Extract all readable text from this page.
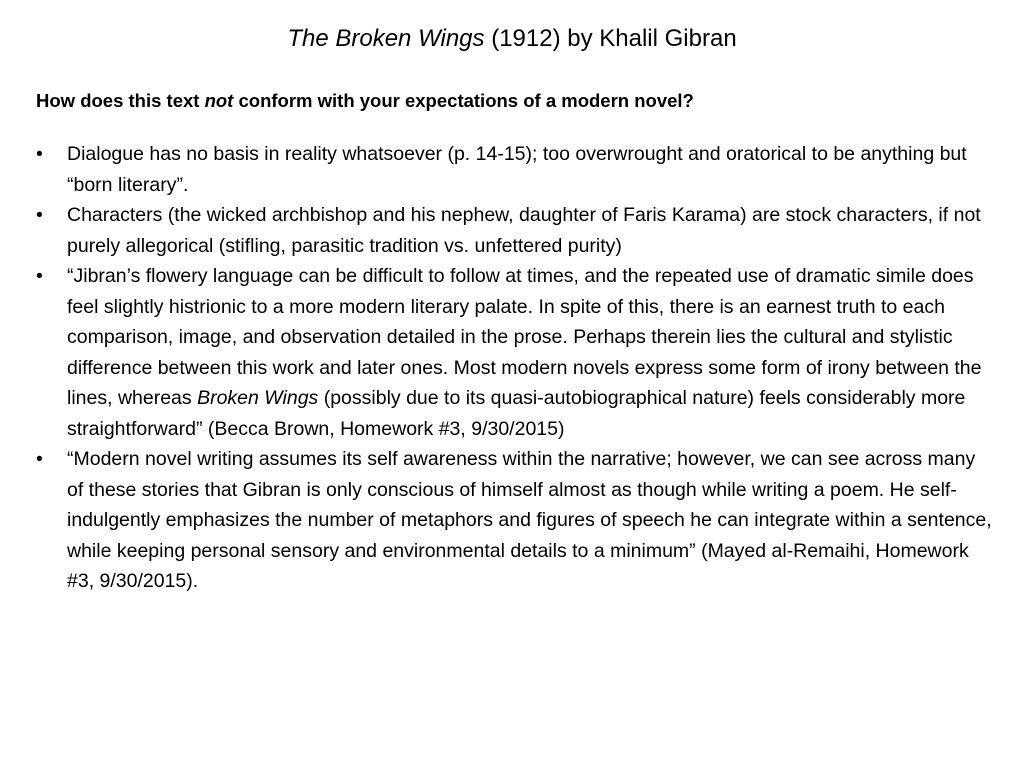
The Broken Wings (1912) by Khalil Gibran
How does this text not conform with your expectations of a modern novel?
•	Dialogue has no basis in reality whatsoever (p. 14-15); too overwrought and oratorical to be anything but “born literary”.
•	Characters (the wicked archbishop and his nephew, daughter of Faris Karama) are stock characters, if not purely allegorical (stifling, parasitic tradition vs. unfettered purity)
•	“Jibran’s flowery language can be difficult to follow at times, and the repeated use of dramatic simile does feel slightly histrionic to a more modern literary palate. In spite of this, there is an earnest truth to each comparison, image, and observation detailed in the prose. Perhaps therein lies the cultural and stylistic difference between this work and later ones. Most modern novels express some form of irony between the lines, whereas Broken Wings (possibly due to its quasi-autobiographical nature) feels considerably more straightforward” (Becca Brown, Homework #3, 9/30/2015)
•	“Modern novel writing assumes its self awareness within the narrative; however, we can see across many of these stories that Gibran is only conscious of himself almost as though while writing a poem. He self-indulgently emphasizes the number of metaphors and figures of speech he can integrate within a sentence, while keeping personal sensory and environmental details to a minimum” (Mayed al-Remaihi, Homework #3, 9/30/2015).
